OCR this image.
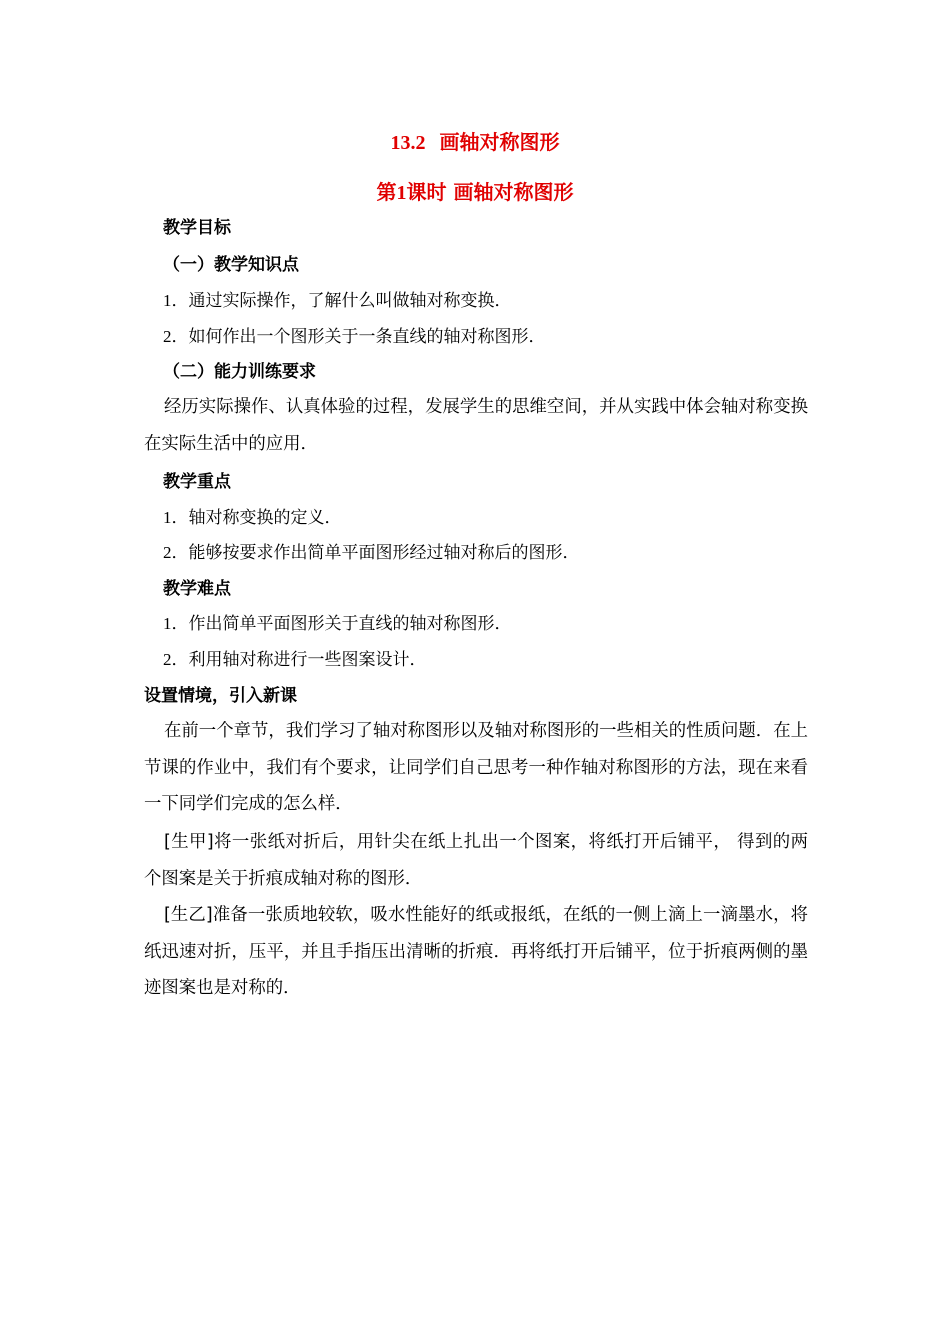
13.2 画轴对称图形
第1课时 画轴对称图形
教学目标
（一）教学知识点
1．通过实际操作，了解什么叫做轴对称变换．
2．如何作出一个图形关于一条直线的轴对称图形．
（二）能力训练要求
经历实际操作、认真体验的过程，发展学生的思维空间，并从实践中体会轴对称变换在实际生活中的应用．
教学重点
1．轴对称变换的定义．
2．能够按要求作出简单平面图形经过轴对称后的图形．
教学难点
1．作出简单平面图形关于直线的轴对称图形．
2．利用轴对称进行一些图案设计．
设置情境，引入新课
在前一个章节，我们学习了轴对称图形以及轴对称图形的一些相关的性质问题．在上节课的作业中，我们有个要求，让同学们自己思考一种作轴对称图形的方法，现在来看一下同学们完成的怎么样．
[生甲]将一张纸对折后，用针尖在纸上扎出一个图案，将纸打开后铺平， 得到的两个图案是关于折痕成轴对称的图形．
[生乙]准备一张质地较软，吸水性能好的纸或报纸，在纸的一侧上滴上一滴墨水，将纸迅速对折，压平，并且手指压出清晰的折痕．再将纸打开后铺平，位于折痕两侧的墨迹图案也是对称的．
